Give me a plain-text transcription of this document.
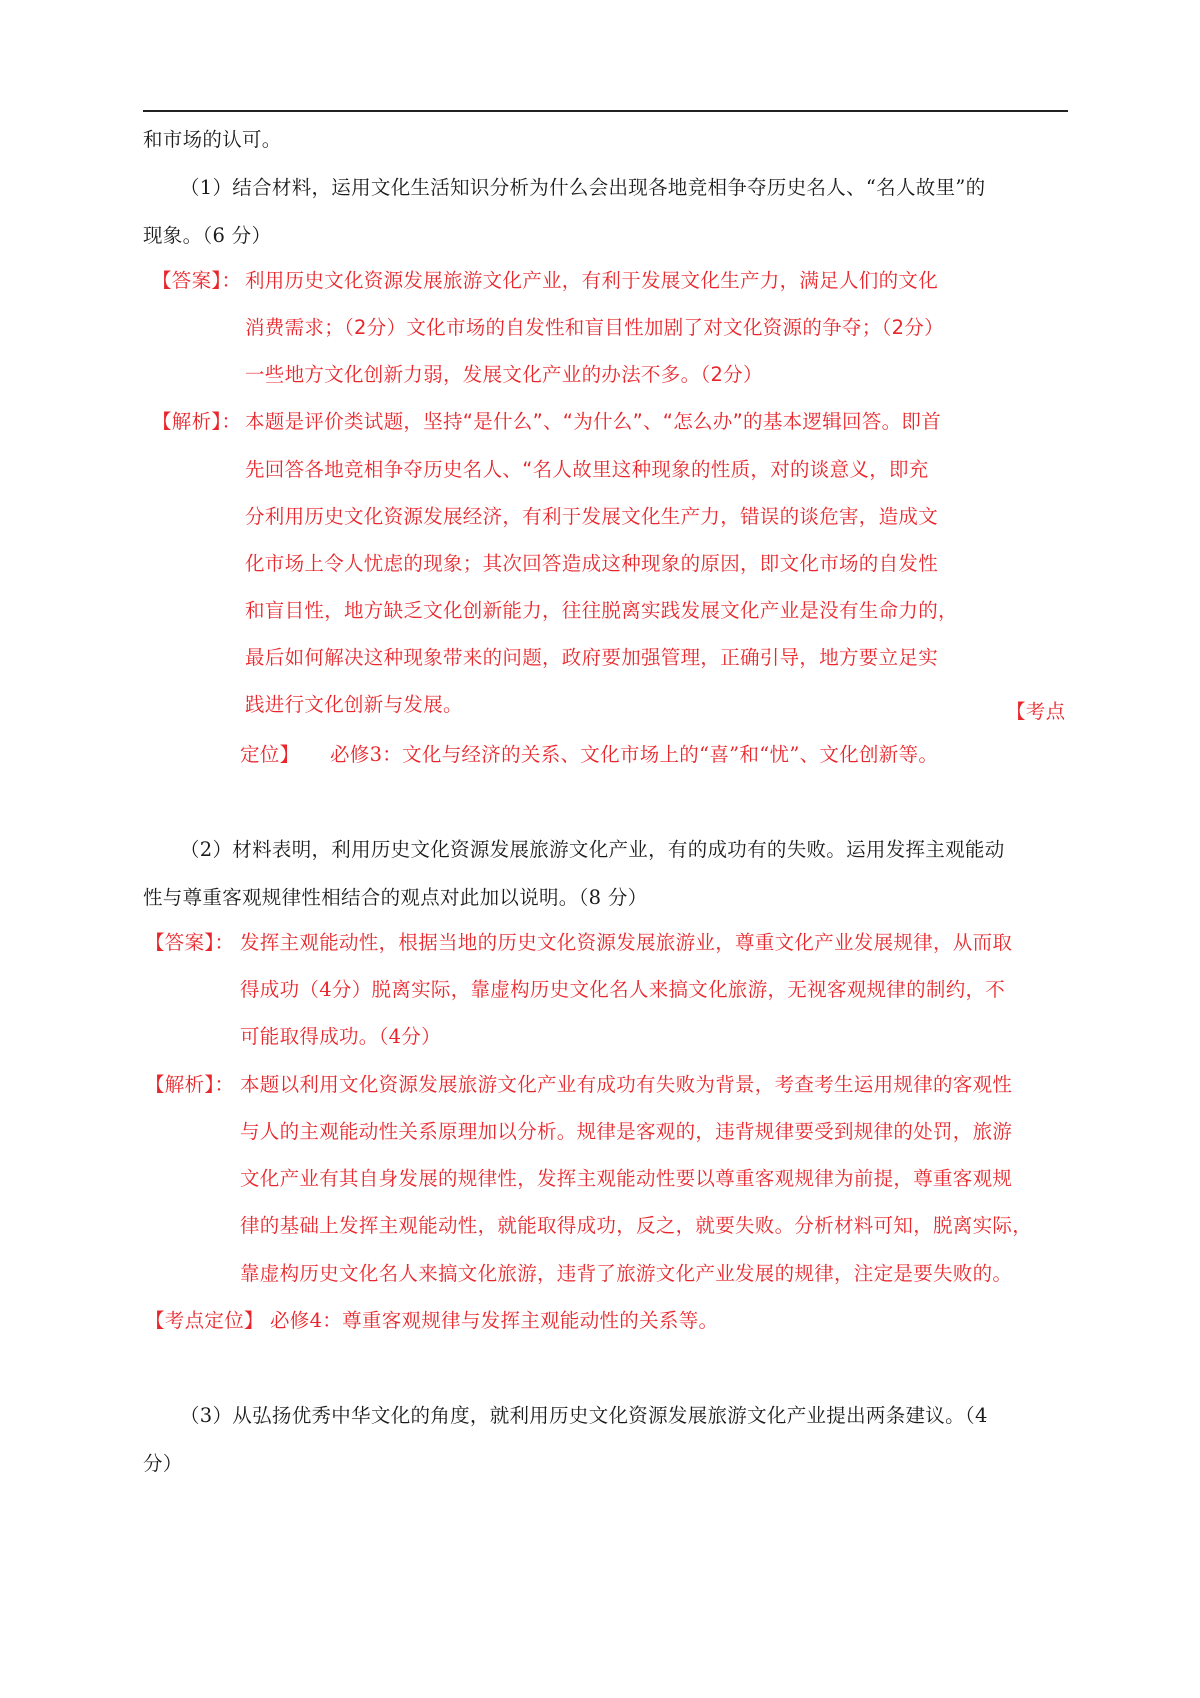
和市场的认可。
（1）结合材料，运用文化生活知识分析为什么会出现各地竞相争夺历史名人、“名人故里”的
现象。（6 分）
【答案】： 利用历史文化资源发展旅游文化产业，有利于发展文化生产力，满足人们的文化
消费需求；（2分）文化市场的自发性和盲目性加剧了对文化资源的争夺；（2分）
一些地方文化创新力弱，发展文化产业的办法不多。（2分）
【解析】： 本题是评价类试题，坚持“是什么”、“为什么”、“怎么办”的基本逻辑回答。即首
先回答各地竞相争夺历史名人、“名人故里这种现象的性质，对的谈意义，即充
分利用历史文化资源发展经济，有利于发展文化生产力，错误的谈危害，造成文
化市场上令人忧虑的现象；其次回答造成这种现象的原因，即文化市场的自发性
和盲目性，地方缺乏文化创新能力，往往脱离实践发展文化产业是没有生命力的，
最后如何解决这种现象带来的问题，政府要加强管理，正确引导，地方要立足实
践进行文化创新与发展。	【考点
定位】 必修3：文化与经济的关系、文化市场上的“喜”和“忧”、文化创新等。
（2）材料表明，利用历史文化资源发展旅游文化产业，有的成功有的失败。运用发挥主观能动
性与尊重客观规律性相结合的观点对此加以说明。（8 分）
【答案】： 发挥主观能动性，根据当地的历史文化资源发展旅游业，尊重文化产业发展规律，从而取
得成功（4分）脱离实际，靠虚构历史文化名人来搞文化旅游，无视客观规律的制约，不
可能取得成功。（4分）
【解析】： 本题以利用文化资源发展旅游文化产业有成功有失败为背景，考查考生运用规律的客观性
与人的主观能动性关系原理加以分析。规律是客观的，违背规律要受到规律的处罚，旅游
文化产业有其自身发展的规律性，发挥主观能动性要以尊重客观规律为前提，尊重客观规
律的基础上发挥主观能动性，就能取得成功，反之，就要失败。分析材料可知，脱离实际，
靠虚构历史文化名人来搞文化旅游，违背了旅游文化产业发展的规律，注定是要失败的。
【考点定位】 必修4：尊重客观规律与发挥主观能动性的关系等。
（3）从弘扬优秀中华文化的角度，就利用历史文化资源发展旅游文化产业提出两条建议。（4
分）
